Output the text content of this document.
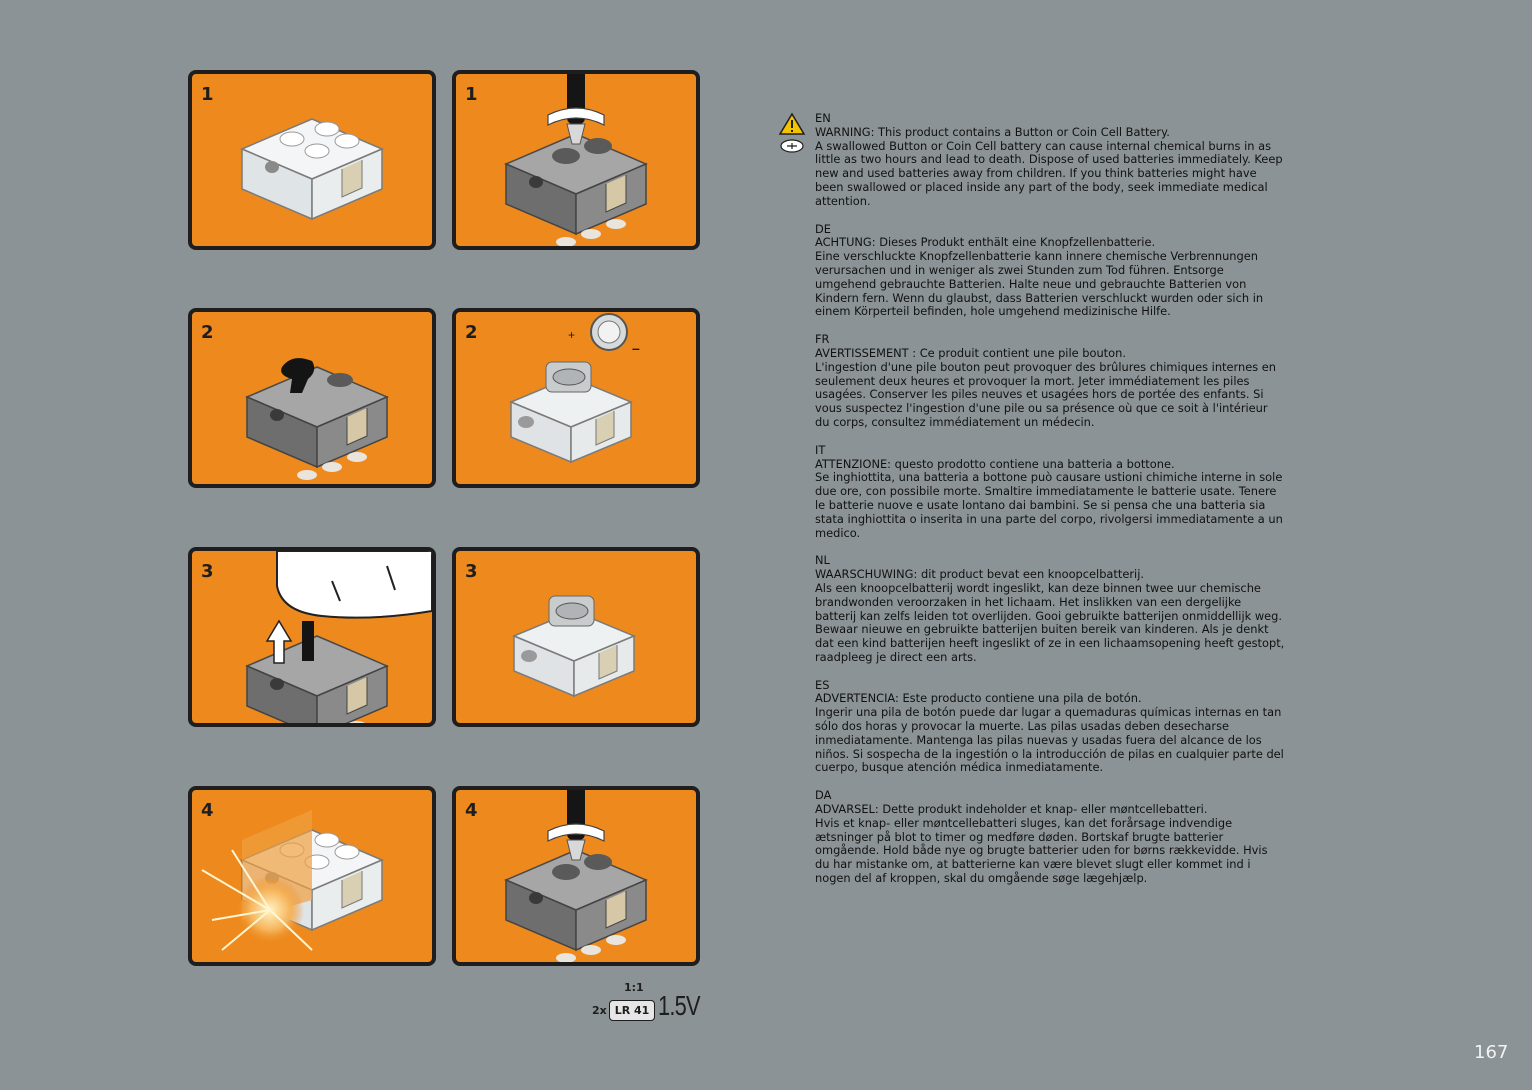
1	1
2	2	+
–
3	3
4	4
1:1
2x LR 41 1.5V

EN

WARNING: This product contains a Button or Coin Cell Battery.

A swallowed Button or Coin Cell battery can cause internal chemical burns in as little as two hours and lead to death. Dispose of used batteries immediately. Keep new and used batteries away from children. If you think batteries might have been swallowed or placed inside any part of the body, seek immediate medical attention.

DE

ACHTUNG: Dieses Produkt enthält eine Knopfzellenbatterie.

Eine verschluckte Knopfzellenbatterie kann innere chemische Verbrennungen verursachen und in weniger als zwei Stunden zum Tod führen. Entsorge umgehend gebrauchte Batterien. Halte neue und gebrauchte Batterien von Kindern fern. Wenn du glaubst, dass Batterien verschluckt wurden oder sich in einem Körperteil befinden, hole umgehend medizinische Hilfe.

FR

AVERTISSEMENT : Ce produit contient une pile bouton.

L'ingestion d'une pile bouton peut provoquer des brûlures chimiques internes en seulement deux heures et provoquer la mort. Jeter immédiatement les piles usagées. Conserver les piles neuves et usagées hors de portée des enfants. Si vous suspectez l'ingestion d'une pile ou sa présence où que ce soit à l'intérieur du corps, consultez immédiatement un médecin.

IT

ATTENZIONE: questo prodotto contiene una batteria a bottone.

Se inghiottita, una batteria a bottone può causare ustioni chimiche interne in sole due ore, con possibile morte. Smaltire immediatamente le batterie usate. Tenere le batterie nuove e usate lontano dai bambini. Se si pensa che una batteria sia stata inghiottita o inserita in una parte del corpo, rivolgersi immediatamente a un medico.

NL

WAARSCHUWING: dit product bevat een knoopcelbatterij.

Als een knoopcelbatterij wordt ingeslikt, kan deze binnen twee uur chemische brandwonden veroorzaken in het lichaam. Het inslikken van een dergelijke batterij kan zelfs leiden tot overlijden. Gooi gebruikte batterijen onmiddellijk weg. Bewaar nieuwe en gebruikte batterijen buiten bereik van kinderen. Als je denkt dat een kind batterijen heeft ingeslikt of ze in een lichaamsopening heeft gestopt, raadpleeg je direct een arts.

ES

ADVERTENCIA: Este producto contiene una pila de botón.

Ingerir una pila de botón puede dar lugar a quemaduras químicas internas en tan sólo dos horas y provocar la muerte. Las pilas usadas deben desecharse inmediatamente. Mantenga las pilas nuevas y usadas fuera del alcance de los niños. Si sospecha de la ingestión o la introducción de pilas en cualquier parte del cuerpo, busque atención médica inmediatamente.

DA

ADVARSEL: Dette produkt indeholder et knap- eller møntcellebatteri.

Hvis et knap- eller møntcellebatteri sluges, kan det forårsage indvendige ætsninger på blot to timer og medføre døden. Bortskaf brugte batterier omgående. Hold både nye og brugte batterier uden for børns rækkevidde. Hvis du har mistanke om, at batterierne kan være blevet slugt eller kommet ind i nogen del af kroppen, skal du omgående søge lægehjælp.

167
